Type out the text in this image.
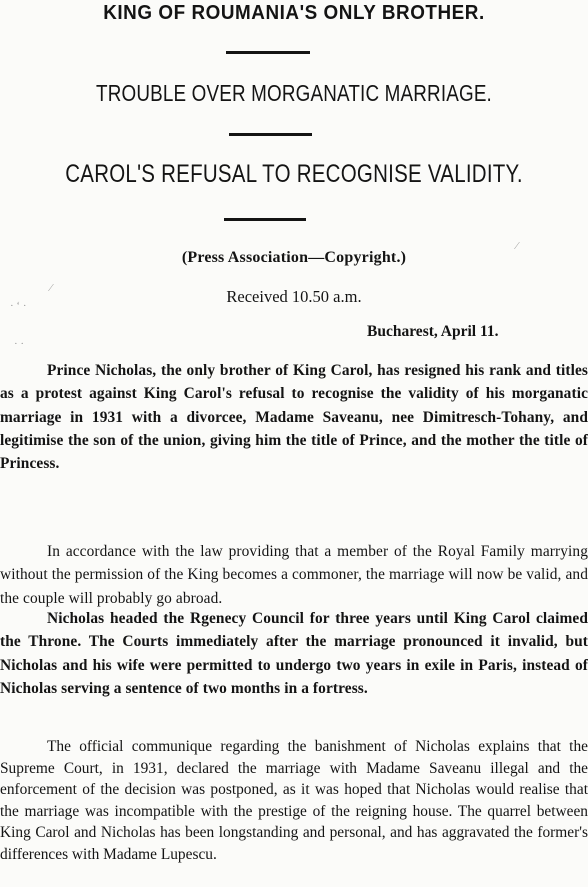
KING OF ROUMANIA'S ONLY BROTHER.
TROUBLE OVER MORGANATIC MARRIAGE.
CAROL'S REFUSAL TO RECOGNISE VALIDITY.

(Press Association—Copyright.)

Received 10.50 a.m.

Bucharest, April 11.

Prince Nicholas, the only brother of King Carol, has resigned his rank and titles as a protest against King Carol's refusal to recognise the validity of his morganatic marriage in 1931 with a divorcee, Madame Saveanu, nee Dimitresch-Tohany, and legitimise the son of the union, giving him the title of Prince, and the mother the title of Princess.

In accordance with the law providing that a member of the Royal Family marrying without the permission of the King becomes a commoner, the marriage will now be valid, and the couple will probably go abroad.

Nicholas headed the Rgenecy Council for three years until King Carol claimed the Throne. The Courts immediately after the marriage pronounced it invalid, but Nicholas and his wife were permitted to undergo two years in exile in Paris, instead of Nicholas serving a sentence of two months in a fortress.

The official communique regarding the banishment of Nicholas explains that the Supreme Court, in 1931, declared the marriage with Madame Saveanu illegal and the enforcement of the decision was postponed, as it was hoped that Nicholas would realise that the marriage was incompatible with the prestige of the reigning house. The quarrel between King Carol and Nicholas has been longstanding and personal, and has aggravated the former's differences with Madame Lupescu.

· ‘ ·
⁄
· ·
⁄
